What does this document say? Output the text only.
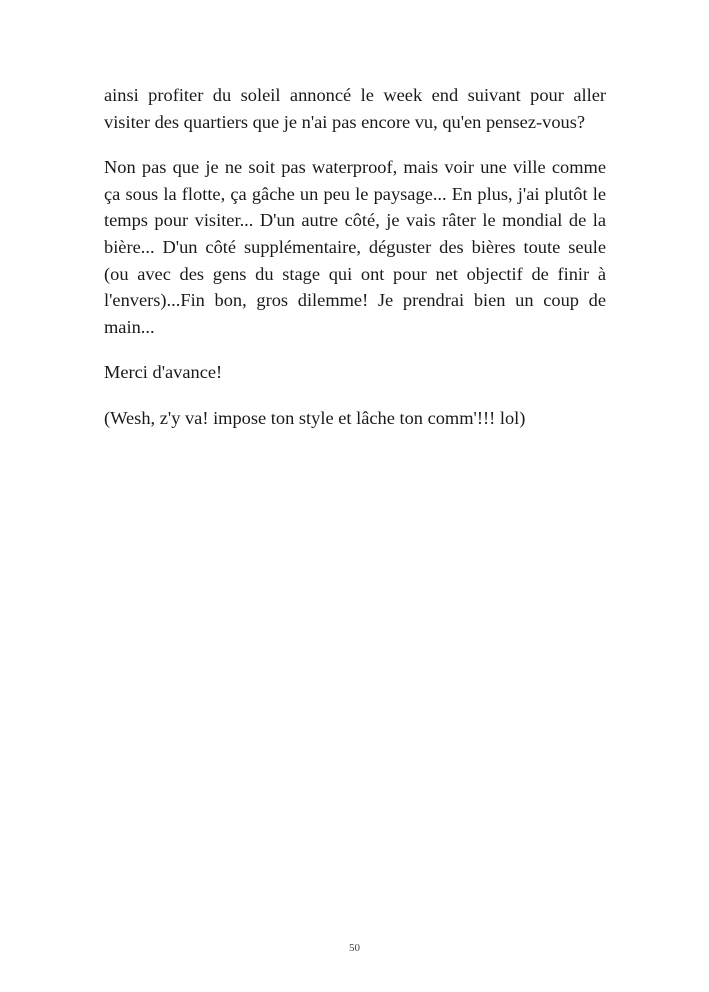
ainsi profiter du soleil annoncé le week end suivant pour aller visiter des quartiers que je n'ai pas encore vu, qu'en pensez-vous?

Non pas que je ne soit pas waterproof, mais voir une ville comme ça sous la flotte, ça gâche un peu le paysage... En plus, j'ai plutôt le temps pour visiter... D'un autre côté, je vais râter le mondial de la bière... D'un côté supplémentaire, déguster des bières toute seule (ou avec des gens du stage qui ont pour net objectif de finir à l'envers)...Fin bon, gros dilemme! Je prendrai bien un coup de main...

Merci d'avance!

(Wesh, z'y va! impose ton style et lâche ton comm'!!! lol)

50
